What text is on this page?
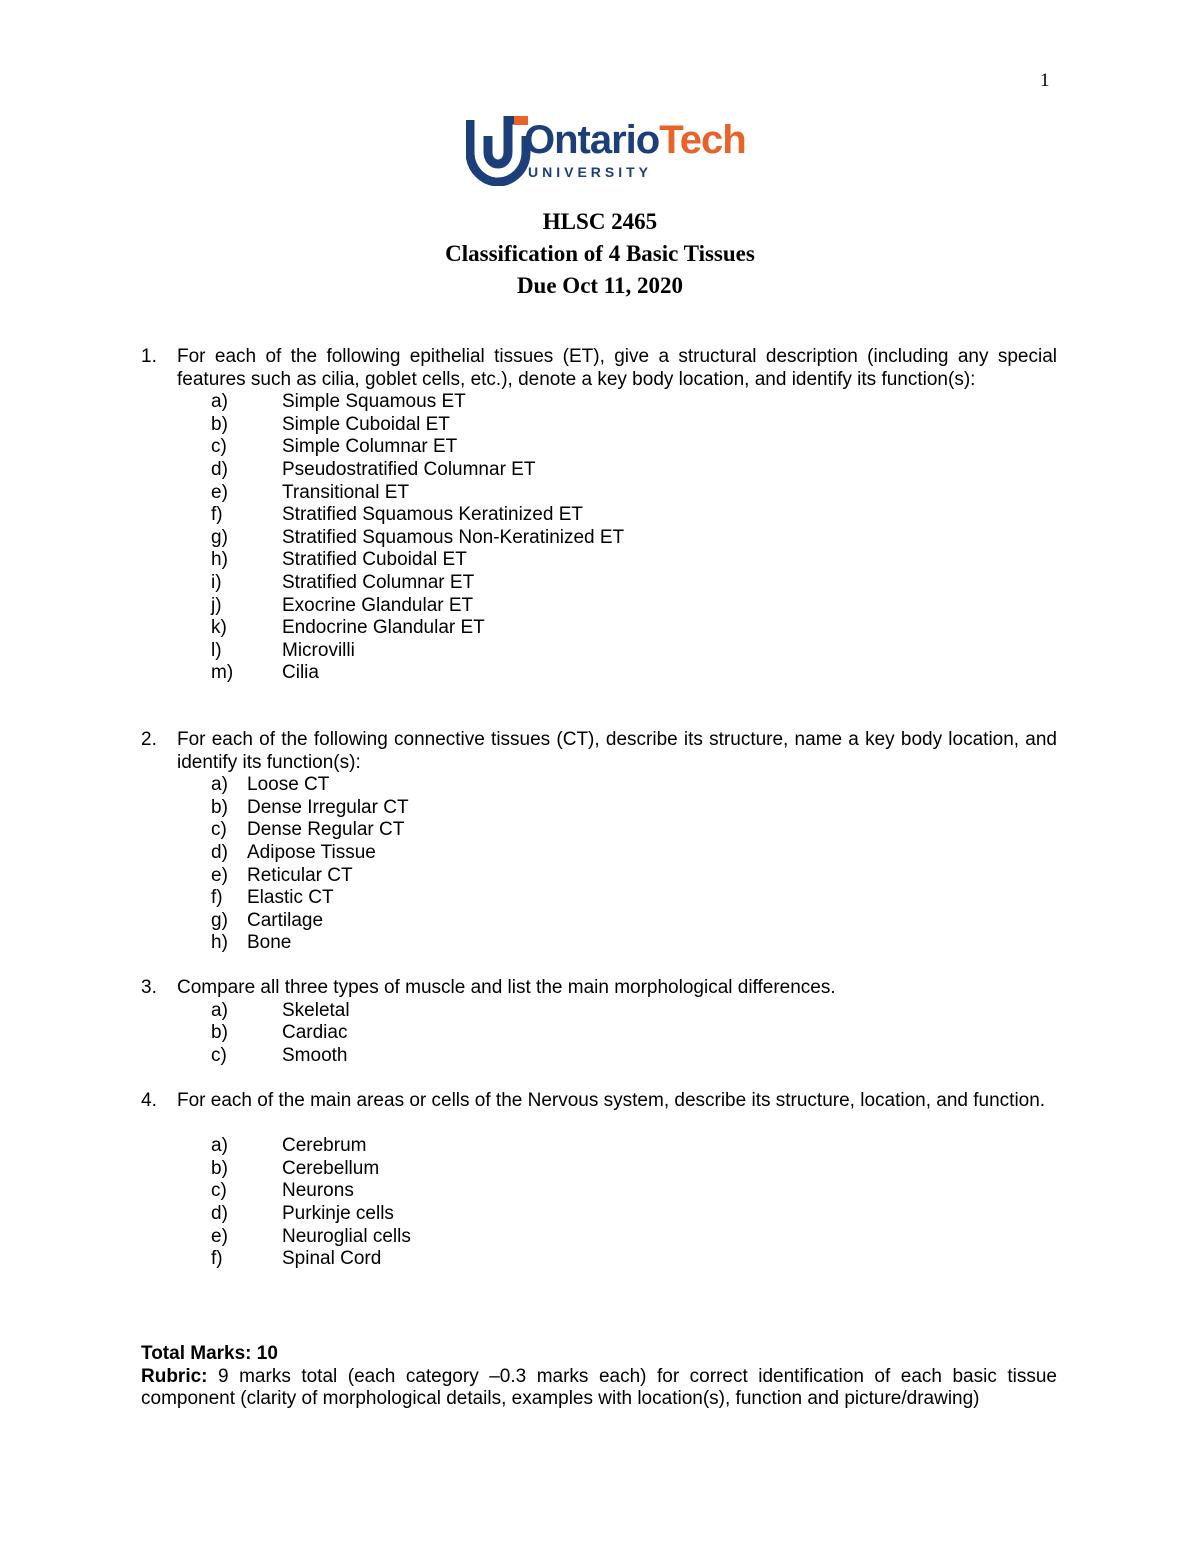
1
OntarioTech
UNIVERSITY
HLSC 2465
Classification of 4 Basic Tissues
Due Oct 11, 2020
1. For each of the following epithelial tissues (ET), give a structural description (including any special features such as cilia, goblet cells, etc.), denote a key body location, and identify its function(s):
a)	Simple Squamous ET
b)	Simple Cuboidal ET
c)	Simple Columnar ET
d)	Pseudostratified Columnar ET
e)	Transitional ET
f)	Stratified Squamous Keratinized ET
g)	Stratified Squamous Non-Keratinized ET
h)	Stratified Cuboidal ET
i)	Stratified Columnar ET
j)	Exocrine Glandular ET
k)	Endocrine Glandular ET
l)	Microvilli
m)	Cilia
2. For each of the following connective tissues (CT), describe its structure, name a key body location, and identify its function(s):
a) Loose CT
b) Dense Irregular CT
c) Dense Regular CT
d) Adipose Tissue
e) Reticular CT
f) Elastic CT
g) Cartilage
h) Bone
3. Compare all three types of muscle and list the main morphological differences.
a)	Skeletal
b)	Cardiac
c)	Smooth
4. For each of the main areas or cells of the Nervous system, describe its structure, location, and function.
a)	Cerebrum
b)	Cerebellum
c)	Neurons
d)	Purkinje cells
e)	Neuroglial cells
f)	Spinal Cord

Total Marks: 10

Rubric: 9 marks total (each category –0.3 marks each) for correct identification of each basic tissue component (clarity of morphological details, examples with location(s), function and picture/drawing)
